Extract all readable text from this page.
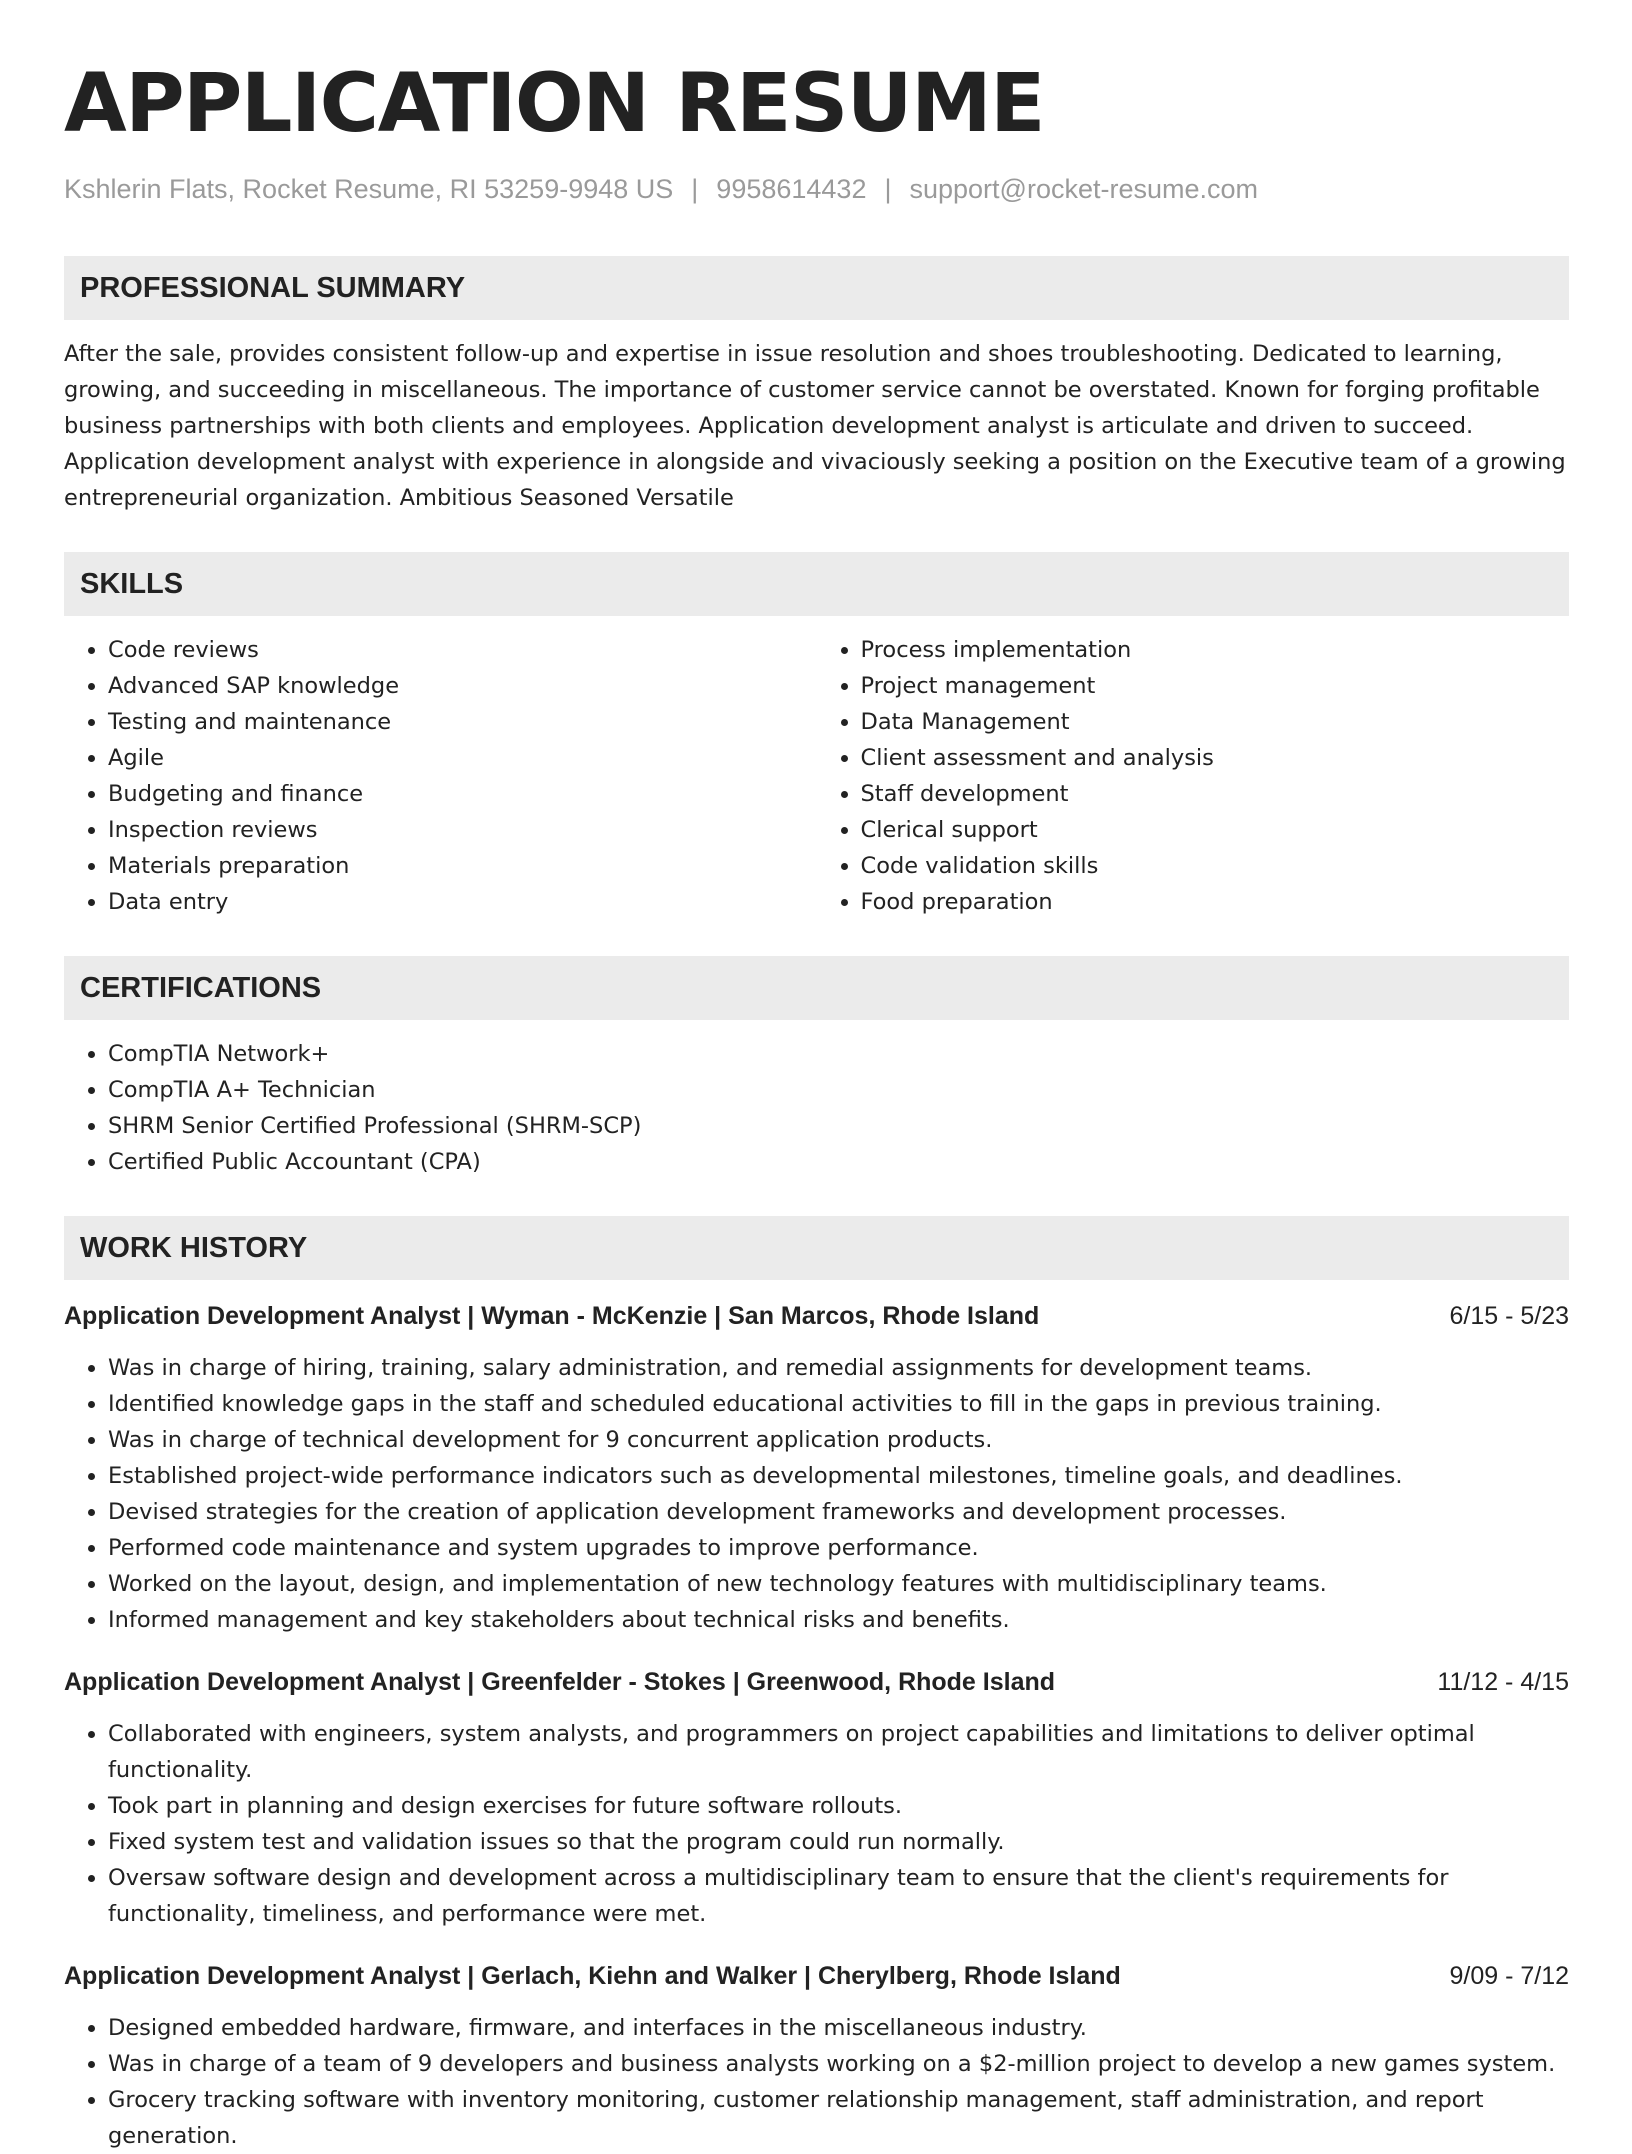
APPLICATION RESUME
Kshlerin Flats, Rocket Resume, RI 53259-9948 US | 9958614432 | support@rocket-resume.com
PROFESSIONAL SUMMARY
After the sale, provides consistent follow-up and expertise in issue resolution and shoes troubleshooting. Dedicated to learning, growing, and succeeding in miscellaneous. The importance of customer service cannot be overstated. Known for forging profitable business partnerships with both clients and employees. Application development analyst is articulate and driven to succeed. Application development analyst with experience in alongside and vivaciously seeking a position on the Executive team of a growing entrepreneurial organization. Ambitious Seasoned Versatile
SKILLS
• Code reviews
• Advanced SAP knowledge
• Testing and maintenance
• Agile
• Budgeting and finance
• Inspection reviews
• Materials preparation
• Data entry
• Process implementation
• Project management
• Data Management
• Client assessment and analysis
• Staff development
• Clerical support
• Code validation skills
• Food preparation
CERTIFICATIONS
• CompTIA Network+
• CompTIA A+ Technician
• SHRM Senior Certified Professional (SHRM-SCP)
• Certified Public Accountant (CPA)
WORK HISTORY
Application Development Analyst | Wyman - McKenzie | San Marcos, Rhode Island	6/15 - 5/23
• Was in charge of hiring, training, salary administration, and remedial assignments for development teams.
• Identified knowledge gaps in the staff and scheduled educational activities to fill in the gaps in previous training.
• Was in charge of technical development for 9 concurrent application products.
• Established project-wide performance indicators such as developmental milestones, timeline goals, and deadlines.
• Devised strategies for the creation of application development frameworks and development processes.
• Performed code maintenance and system upgrades to improve performance.
• Worked on the layout, design, and implementation of new technology features with multidisciplinary teams.
• Informed management and key stakeholders about technical risks and benefits.
Application Development Analyst | Greenfelder - Stokes | Greenwood, Rhode Island	11/12 - 4/15
• Collaborated with engineers, system analysts, and programmers on project capabilities and limitations to deliver optimal functionality.
• Took part in planning and design exercises for future software rollouts.
• Fixed system test and validation issues so that the program could run normally.
• Oversaw software design and development across a multidisciplinary team to ensure that the client's requirements for functionality, timeliness, and performance were met.
Application Development Analyst | Gerlach, Kiehn and Walker | Cherylberg, Rhode Island	9/09 - 7/12
• Designed embedded hardware, firmware, and interfaces in the miscellaneous industry.
• Was in charge of a team of 9 developers and business analysts working on a $2-million project to develop a new games system.
• Grocery tracking software with inventory monitoring, customer relationship management, staff administration, and report generation.
